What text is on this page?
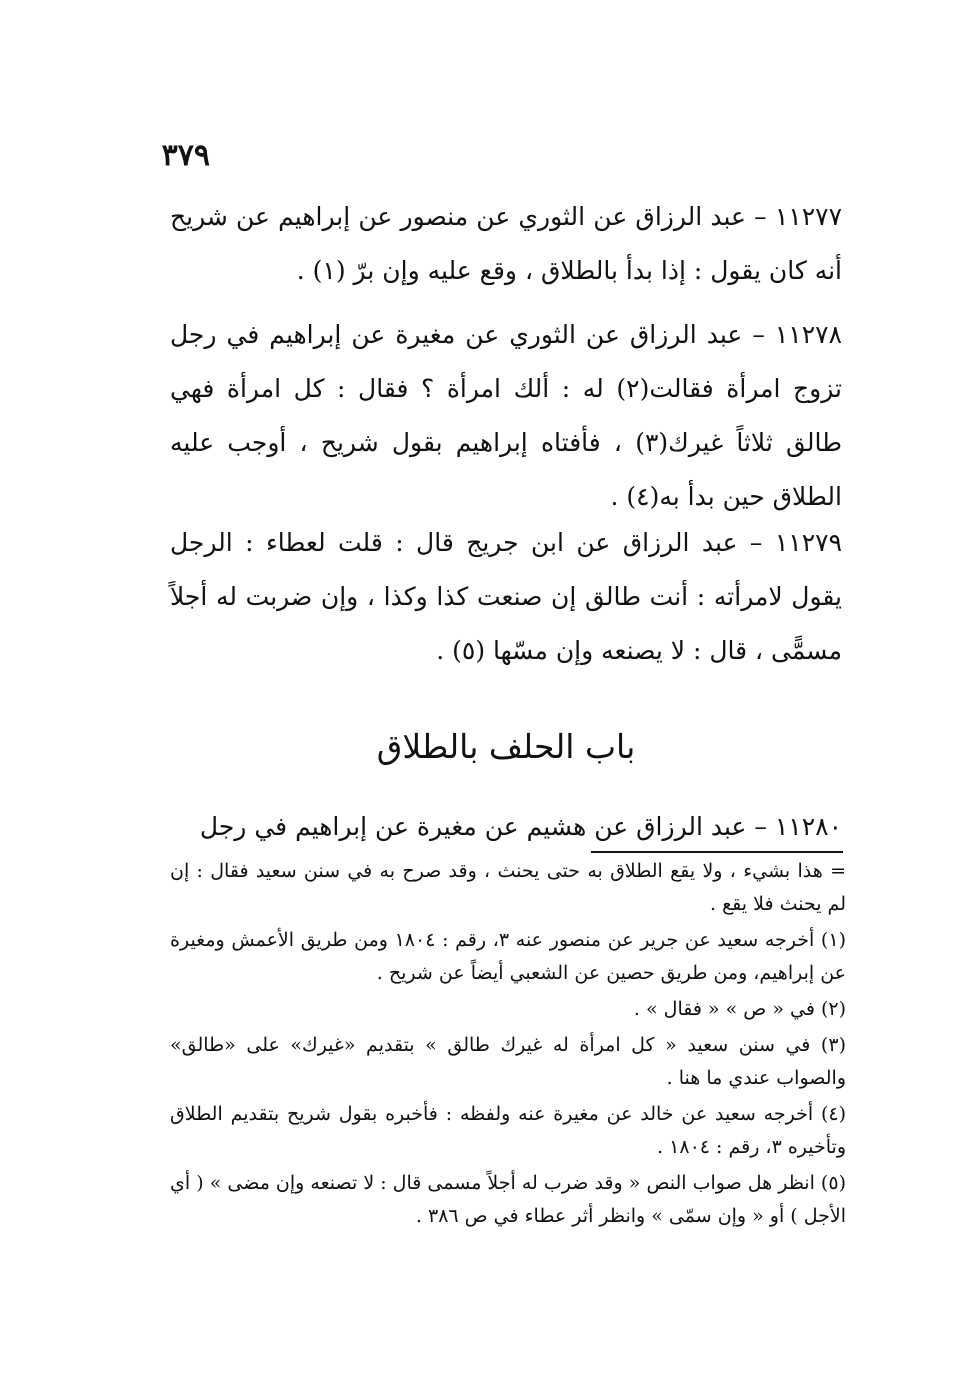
٣٧٩
١١٢٧٧ – عبد الرزاق عن الثوري عن منصور عن إبراهيم عن شريح أنه كان يقول : إذا بدأ بالطلاق ، وقع عليه وإن برّ (١) .
١١٢٧٨ – عبد الرزاق عن الثوري عن مغيرة عن إبراهيم في رجل تزوج امرأة فقالت(٢) له : ألك امرأة ؟ فقال : كل امرأة فهي طالق ثلاثاً غيرك(٣) ، فأفتاه إبراهيم بقول شريح ، أوجب عليه الطلاق حين بدأ به(٤) .
١١٢٧٩ – عبد الرزاق عن ابن جريج قال : قلت لعطاء : الرجل يقول لامرأته : أنت طالق إن صنعت كذا وكذا ، وإن ضربت له أجلاً مسمًّى ، قال : لا يصنعه وإن مسّها (٥) .
باب الحلف بالطلاق
١١٢٨٠ – عبد الرزاق عن هشيم عن مغيرة عن إبراهيم في رجل

= هذا بشيء ، ولا يقع الطلاق به حتى يحنث ، وقد صرح به في سنن سعيد فقال : إن لم يحنث فلا يقع .

(١) أخرجه سعيد عن جرير عن منصور عنه ٣، رقم : ١٨٠٤ ومن طريق الأعمش ومغيرة عن إبراهيم، ومن طريق حصين عن الشعبي أيضاً عن شريح .

(٢) في « ص » « فقال » .

(٣) في سنن سعيد « كل امرأة له غيرك طالق » بتقديم «غيرك» على «طالق» والصواب عندي ما هنا .

(٤) أخرجه سعيد عن خالد عن مغيرة عنه ولفظه : فأخبره بقول شريح بتقديم الطلاق وتأخيره ٣، رقم : ١٨٠٤ .

(٥) انظر هل صواب النص « وقد ضرب له أجلاً مسمى قال : لا تصنعه وإن مضى » ( أي الأجل ) أو « وإن سمّى » وانظر أثر عطاء في ص ٣٨٦ .
